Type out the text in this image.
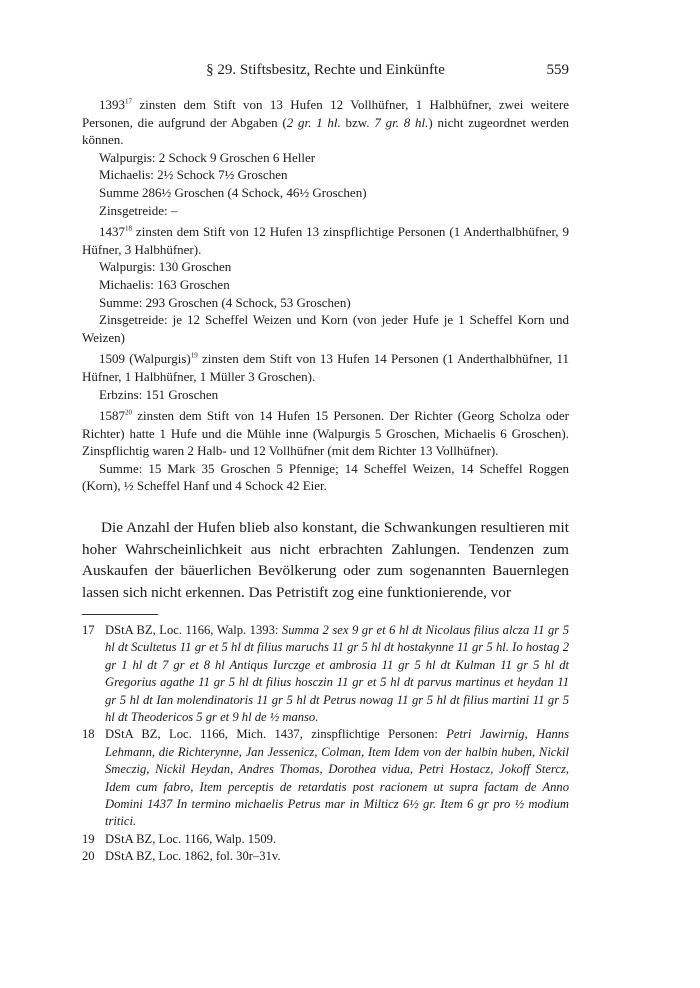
§ 29. Stiftsbesitz, Rechte und Einkünfte	559

1393$^{17}$ zinsten dem Stift von 13 Hufen 12 Vollhüfner, 1 Halbhüfner, zwei weitere Personen, die aufgrund der Abgaben (2 gr. 1 hl. bzw. 7 gr. 8 hl.) nicht zugeordnet werden können.

Walpurgis: 2 Schock 9 Groschen 6 Heller

Michaelis: 2½ Schock 7½ Groschen

Summe 286½ Groschen (4 Schock, 46½ Groschen)

Zinsgetreide: –

1437$^{18}$ zinsten dem Stift von 12 Hufen 13 zinspflichtige Personen (1 Anderthalbhüfner, 9 Hüfner, 3 Halbhüfner).

Walpurgis: 130 Groschen

Michaelis: 163 Groschen

Summe: 293 Groschen (4 Schock, 53 Groschen)

Zinsgetreide: je 12 Scheffel Weizen und Korn (von jeder Hufe je 1 Scheffel Korn und Weizen)

1509 (Walpurgis)$^{19}$ zinsten dem Stift von 13 Hufen 14 Personen (1 Anderthalbhüfner, 11 Hüfner, 1 Halbhüfner, 1 Müller 3 Groschen).

Erbzins: 151 Groschen

1587$^{20}$ zinsten dem Stift von 14 Hufen 15 Personen. Der Richter (Georg Scholza oder Richter) hatte 1 Hufe und die Mühle inne (Walpurgis 5 Groschen, Michaelis 6 Groschen). Zinspflichtig waren 2 Halb- und 12 Vollhüfner (mit dem Richter 13 Vollhüfner).

Summe: 15 Mark 35 Groschen 5 Pfennige; 14 Scheffel Weizen, 14 Scheffel Roggen (Korn), ½ Scheffel Hanf und 4 Schock 42 Eier.

Die Anzahl der Hufen blieb also konstant, die Schwankungen resultieren mit hoher Wahrscheinlichkeit aus nicht erbrachten Zahlungen. Tendenzen zum Auskaufen der bäuerlichen Bevölkerung oder zum sogenannten Bauernlegen lassen sich nicht erkennen. Das Petristift zog eine funktionierende, vor

17 DStA BZ, Loc. 1166, Walp. 1393: Summa 2 sex 9 gr et 6 hl dt Nicolaus filius alcza 11 gr 5 hl dt Scultetus 11 gr et 5 hl dt filius maruchs 11 gr 5 hl dt hostakynne 11 gr 5 hl. Io hostag 2 gr 1 hl dt 7 gr et 8 hl Antiqus Iurczge et ambrosia 11 gr 5 hl dt Kulman 11 gr 5 hl dt Gregorius agathe 11 gr 5 hl dt filius hosczin 11 gr et 5 hl dt parvus martinus et heydan 11 gr 5 hl dt Ian molendinatoris 11 gr 5 hl dt Petrus nowag 11 gr 5 hl dt filius martini 11 gr 5 hl dt Theodericos 5 gr et 9 hl de ½ manso.
18 DStA BZ, Loc. 1166, Mich. 1437, zinspflichtige Personen: Petri Jawirnig, Hanns Lehmann, die Richterynne, Jan Jessenicz, Colman, Item Idem von der halbin huben, Nickil Smeczig, Nickil Heydan, Andres Thomas, Dorothea vidua, Petri Hostacz, Jokoff Stercz, Idem cum fabro, Item perceptis de retardatis post racionem ut supra factam de Anno Domini 1437 In termino michaelis Petrus mar in Milticz 6½ gr. Item 6 gr pro ½ modium tritici.
19 DStA BZ, Loc. 1166, Walp. 1509.
20 DStA BZ, Loc. 1862, fol. 30r–31v.
